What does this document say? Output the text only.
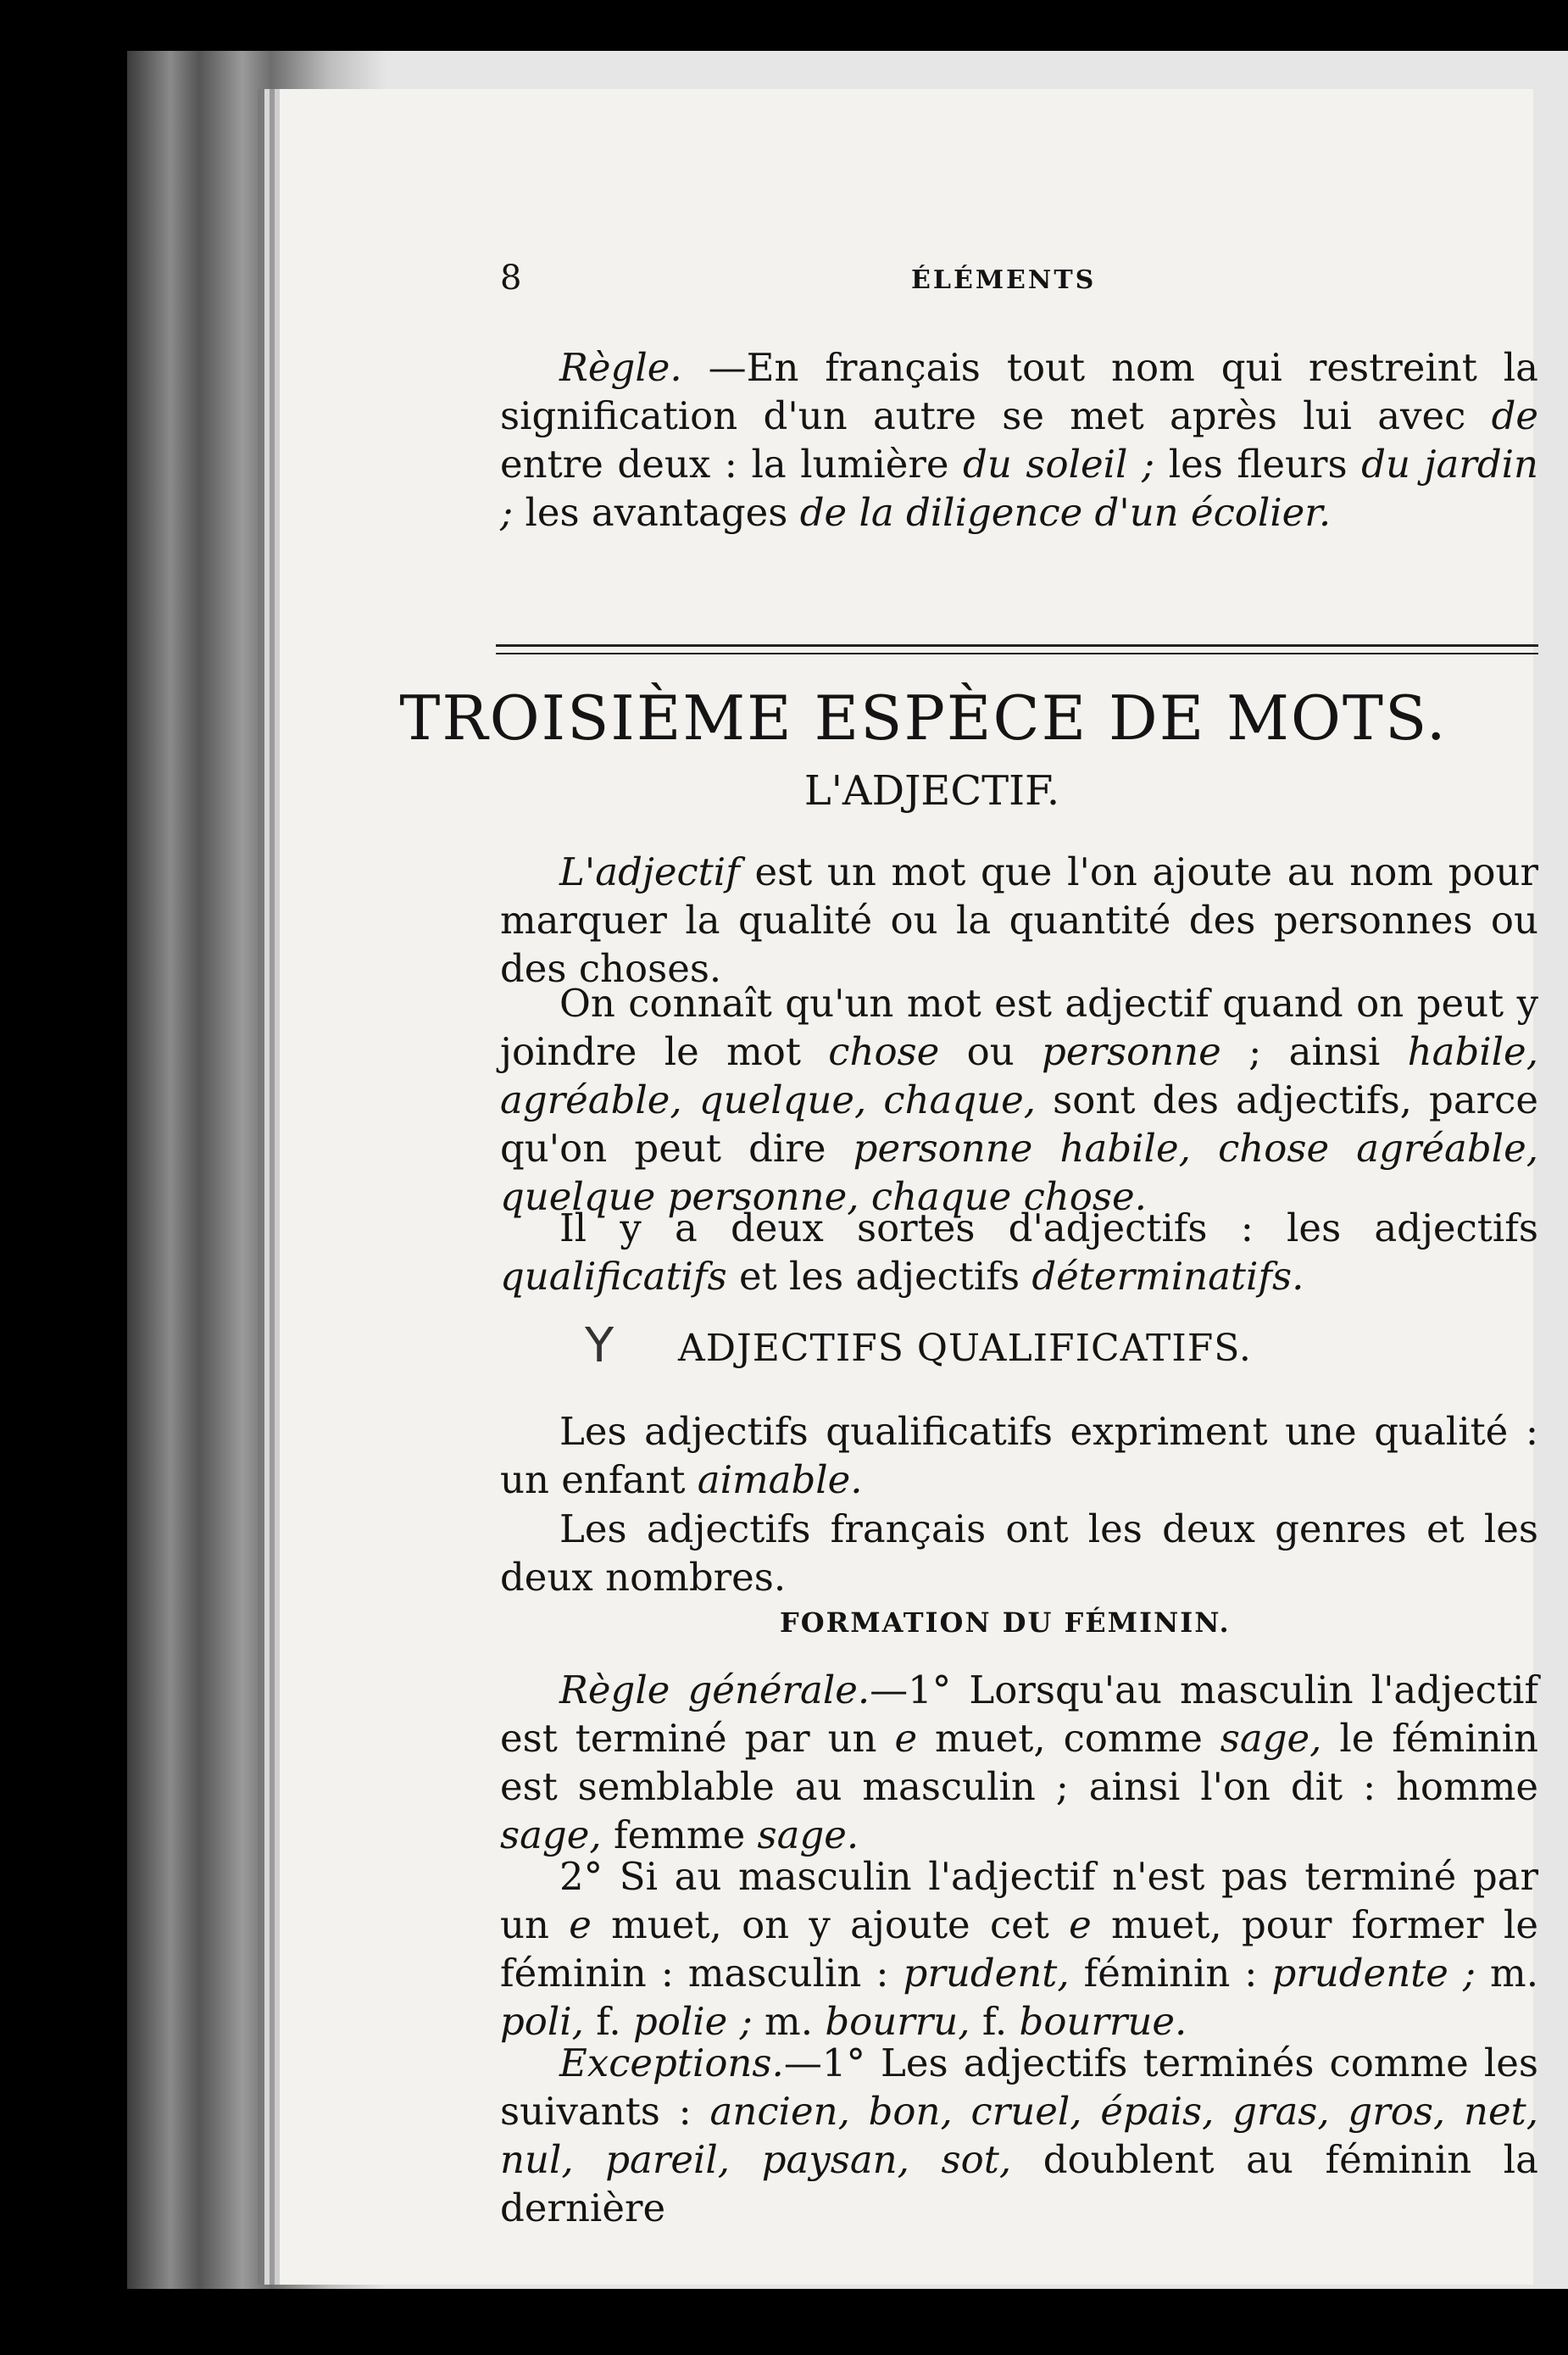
8	ÉLÉMENTS

Règle. —En français tout nom qui restreint la signification d'un autre se met après lui avec de entre deux : la lumière du soleil ; les fleurs du jardin ; les avantages de la diligence d'un écolier.

TROISIÈME ESPÈCE DE MOTS.
L'ADJECTIF.

L'adjectif est un mot que l'on ajoute au nom pour marquer la qualité ou la quantité des personnes ou des choses.

On connaît qu'un mot est adjectif quand on peut y joindre le mot chose ou personne ; ainsi habile, agréable, quelque, chaque, sont des adjectifs, parce qu'on peut dire personne habile, chose agréable, quelque personne, chaque chose.

Il y a deux sortes d'adjectifs : les adjectifs qualificatifs et les adjectifs déterminatifs.

Y ADJECTIFS QUALIFICATIFS.

Les adjectifs qualificatifs expriment une qualité : un enfant aimable.

Les adjectifs français ont les deux genres et les deux nombres.

FORMATION DU FÉMININ.

Règle générale.—1° Lorsqu'au masculin l'adjectif est terminé par un e muet, comme sage, le féminin est semblable au masculin ; ainsi l'on dit : homme sage, femme sage.

2° Si au masculin l'adjectif n'est pas terminé par un e muet, on y ajoute cet e muet, pour former le féminin : masculin : prudent, féminin : prudente ; m. poli, f. polie ; m. bourru, f. bourrue.

Exceptions.—1° Les adjectifs terminés comme les suivants : ancien, bon, cruel, épais, gras, gros, net, nul, pareil, paysan, sot, doublent au féminin la dernière
